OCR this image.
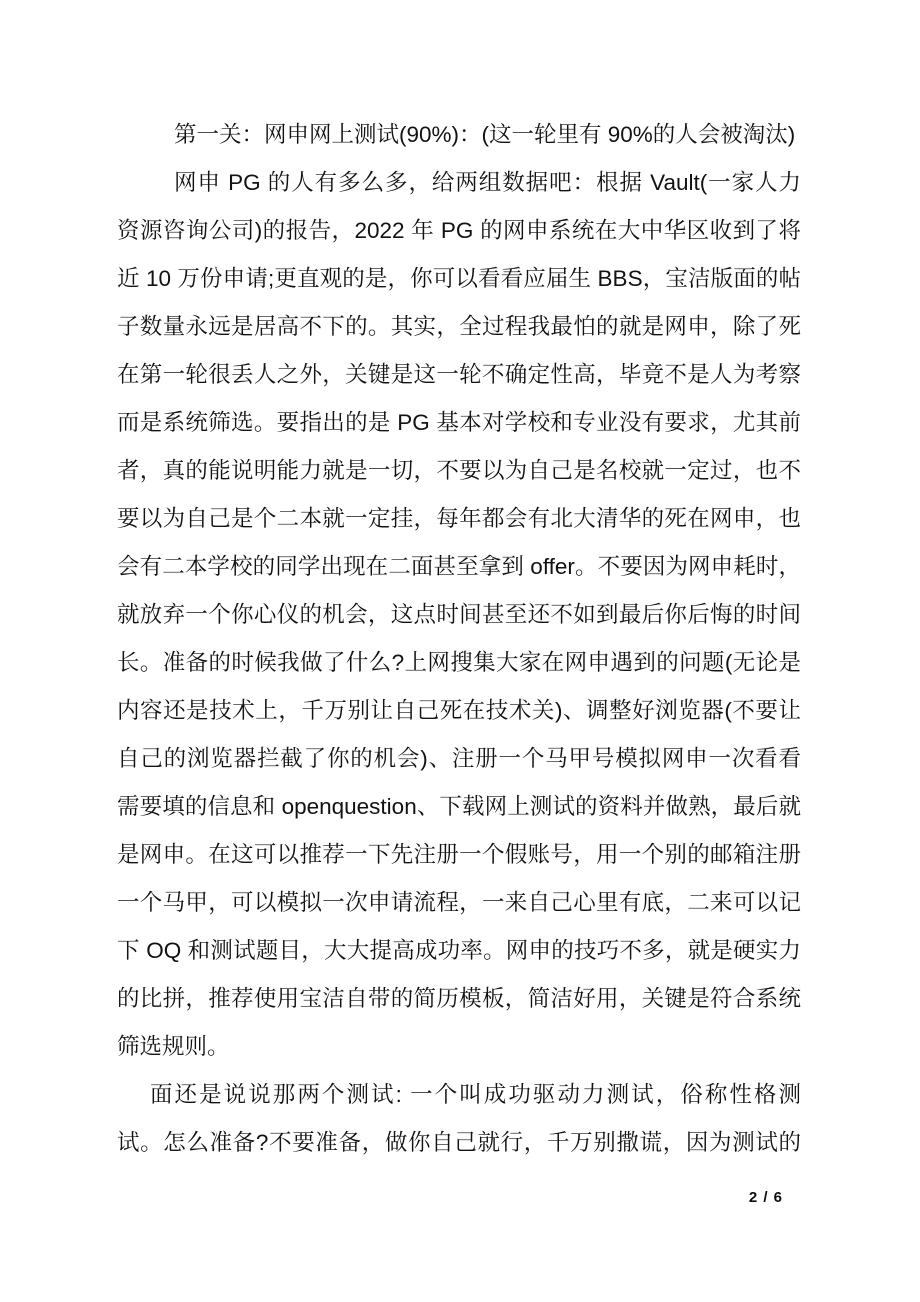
第一关：网申网上测试(90%)：(这一轮里有 90%的人会被淘汰)
网申 PG 的人有多么多，给两组数据吧：根据 Vault(一家人力
资源咨询公司)的报告，2022 年 PG 的网申系统在大中华区收到了将
近 10 万份申请;更直观的是，你可以看看应届生 BBS，宝洁版面的帖
子数量永远是居高不下的。其实，全过程我最怕的就是网申，除了死
在第一轮很丢人之外，关键是这一轮不确定性高，毕竟不是人为考察
而是系统筛选。要指出的是 PG 基本对学校和专业没有要求，尤其前
者，真的能说明能力就是一切，不要以为自己是名校就一定过，也不
要以为自己是个二本就一定挂，每年都会有北大清华的死在网申，也
会有二本学校的同学出现在二面甚至拿到 offer。不要因为网申耗时，
就放弃一个你心仪的机会，这点时间甚至还不如到最后你后悔的时间
长。准备的时候我做了什么?上网搜集大家在网申遇到的问题(无论是
内容还是技术上，千万别让自己死在技术关)、调整好浏览器(不要让
自己的浏览器拦截了你的机会)、注册一个马甲号模拟网申一次看看
需要填的信息和 openquestion、下载网上测试的资料并做熟，最后就
是网申。在这可以推荐一下先注册一个假账号，用一个别的邮箱注册
一个马甲，可以模拟一次申请流程，一来自己心里有底，二来可以记
下 OQ 和测试题目，大大提高成功率。网申的技巧不多，就是硬实力
的比拼，推荐使用宝洁自带的简历模板，简洁好用，关键是符合系统
筛选规则。
面还是说说那两个测试: 一个叫成功驱动力测试，俗称性格测
试。怎么准备?不要准备，做你自己就行，千万别撒谎，因为测试的
2 / 6
